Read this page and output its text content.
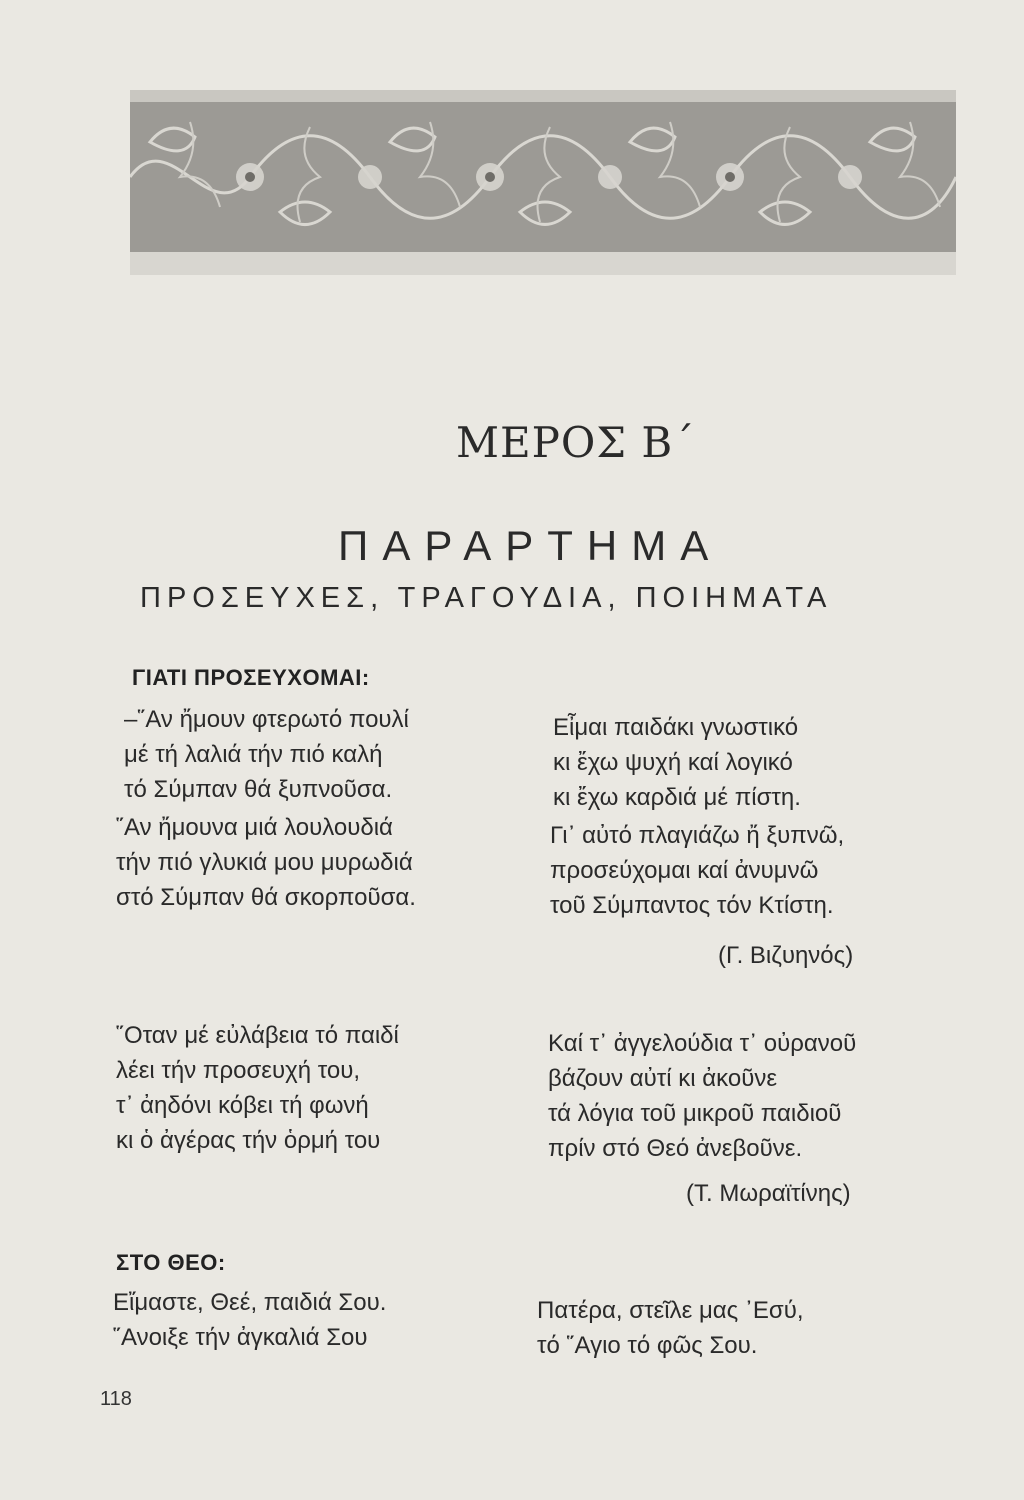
ΜΕΡΟΣ Β΄
ΠΑΡΑΡΤΗΜΑ
ΠΡΟΣΕΥΧΕΣ, ΤΡΑΓΟΥΔΙΑ, ΠΟΙΗΜΑΤΑ
ΓΙΑΤΙ ΠΡΟΣΕΥΧΟΜΑΙ:
–῞Αν ἤμουν φτερωτό πουλί
μέ τή λαλιά τήν πιό καλή
τό Σύμπαν θά ξυπνοῦσα.
῞Αν ἤμουνα μιά λουλουδιά
τήν πιό γλυκιά μου μυρωδιά
στό Σύμπαν θά σκορποῦσα.
Εἶμαι παιδάκι γνωστικό
κι ἔχω ψυχή καί λογικό
κι ἔχω καρδιά μέ πίστη.
Γι᾽ αὐτό πλαγιάζω ἤ ξυπνῶ,
προσεύχομαι καί ἀνυμνῶ
τοῦ Σύμπαντος τόν Κτίστη.
(Γ. Βιζυηνός)
῞Οταν μέ εὐλάβεια τό παιδί
λέει τήν προσευχή του,
τ᾽ ἀηδόνι κόβει τή φωνή
κι ὁ ἀγέρας τήν ὁρμή του
Καί τ᾽ ἀγγελούδια τ᾽ οὐρανοῦ
βάζουν αὐτί κι ἀκοῦνε
τά λόγια τοῦ μικροῦ παιδιοῦ
πρίν στό Θεό ἀνεβοῦνε.
(Τ. Μωραϊτίνης)
ΣΤΟ ΘΕΟ:
Εἴμαστε, Θεέ, παιδιά Σου.
῞Ανοιξε τήν ἀγκαλιά Σου
Πατέρα, στεῖλε μας ᾽Εσύ,
τό ῞Αγιο τό φῶς Σου.
118
